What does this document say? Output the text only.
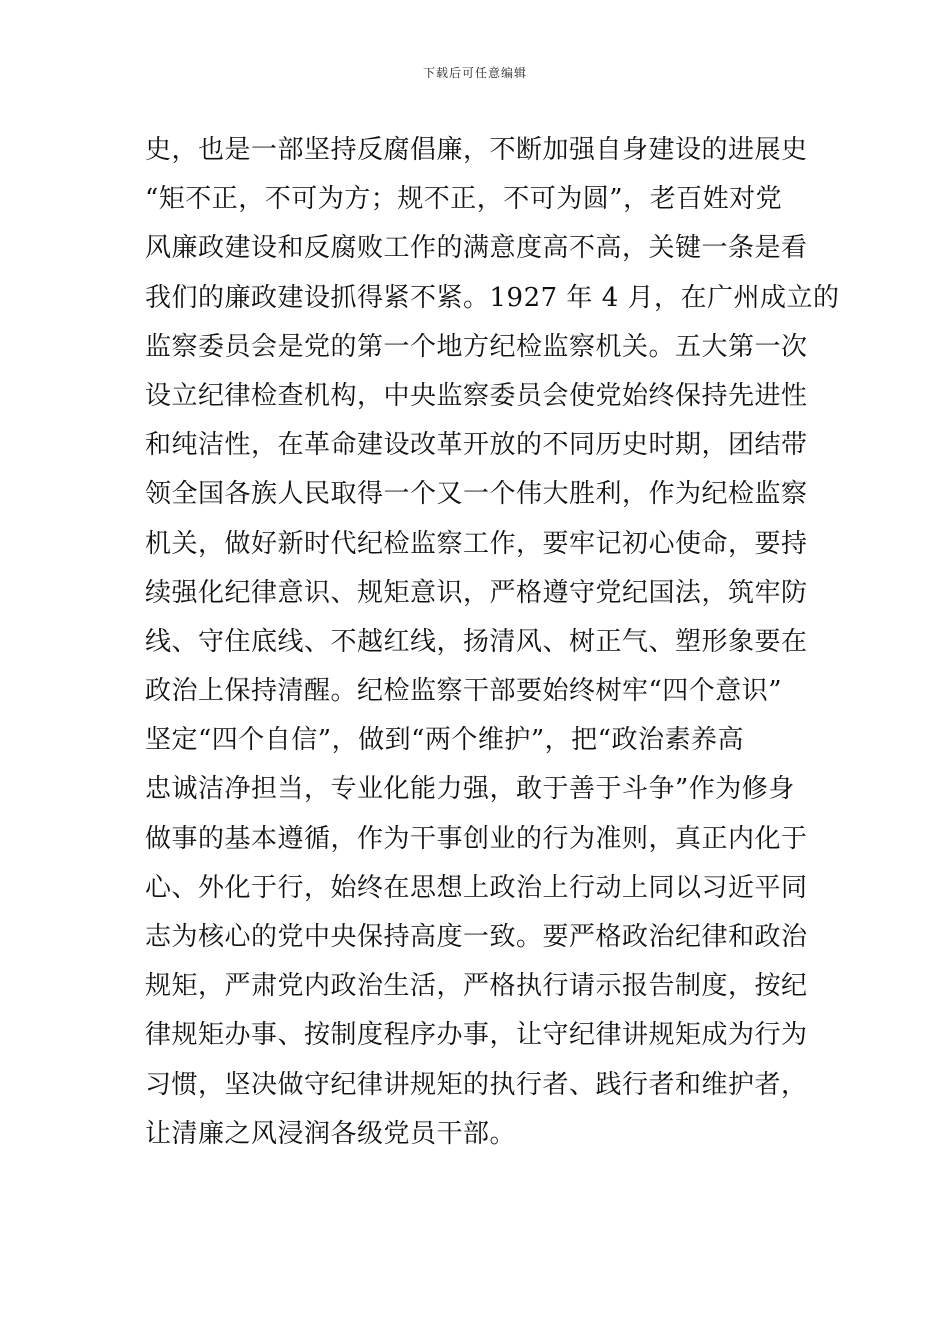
下载后可任意编辑
史，也是一部坚持反腐倡廉，不断加强自身建设的进展史
“矩不正，不可为方；规不正，不可为圆”，老百姓对党
风廉政建设和反腐败工作的满意度高不高，关键一条是看
我们的廉政建设抓得紧不紧。1927 年 4 月，在广州成立的
监察委员会是党的第一个地方纪检监察机关。五大第一次
设立纪律检查机构，中央监察委员会使党始终保持先进性
和纯洁性，在革命建设改革开放的不同历史时期，团结带
领全国各族人民取得一个又一个伟大胜利，作为纪检监察
机关，做好新时代纪检监察工作，要牢记初心使命，要持
续强化纪律意识、规矩意识，严格遵守党纪国法，筑牢防
线、守住底线、不越红线，扬清风、树正气、塑形象要在
政治上保持清醒。纪检监察干部要始终树牢“四个意识”
坚定“四个自信”，做到“两个维护”，把“政治素养高
忠诚洁净担当，专业化能力强，敢于善于斗争”作为修身
做事的基本遵循，作为干事创业的行为准则，真正内化于
心、外化于行，始终在思想上政治上行动上同以习近平同
志为核心的党中央保持高度一致。要严格政治纪律和政治
规矩，严肃党内政治生活，严格执行请示报告制度，按纪
律规矩办事、按制度程序办事，让守纪律讲规矩成为行为
习惯，坚决做守纪律讲规矩的执行者、践行者和维护者，
让清廉之风浸润各级党员干部。
